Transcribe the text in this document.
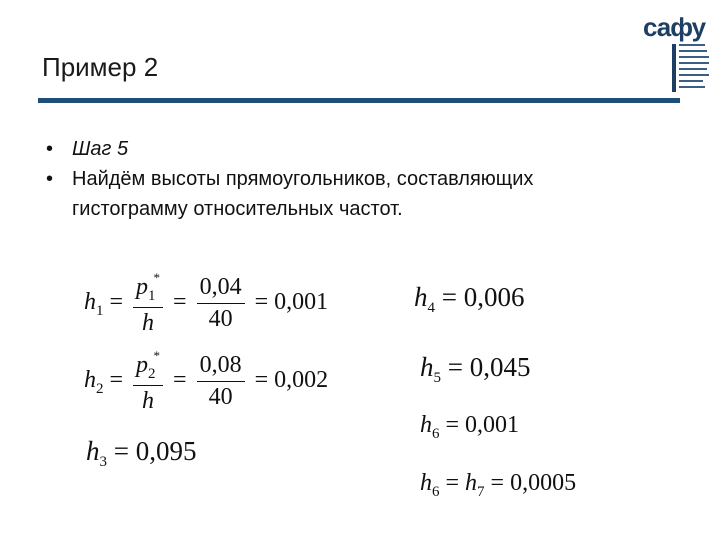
Пример 2
сафу
• Шаг 5
• Найдём высоты прямоугольников, составляющих
гистограмму относительных частот.
$h_1 = \frac{p_1^*}{h} = \frac{0,04}{40} = 0,001$
$h_2 = \frac{p_2^*}{h} = \frac{0,08}{40} = 0,002$
$h_3 = 0,095$
$h_4 = 0,006$
$h_5 = 0,045$
$h_6 = 0,001$
$h_6 = h_7 = 0,0005$
